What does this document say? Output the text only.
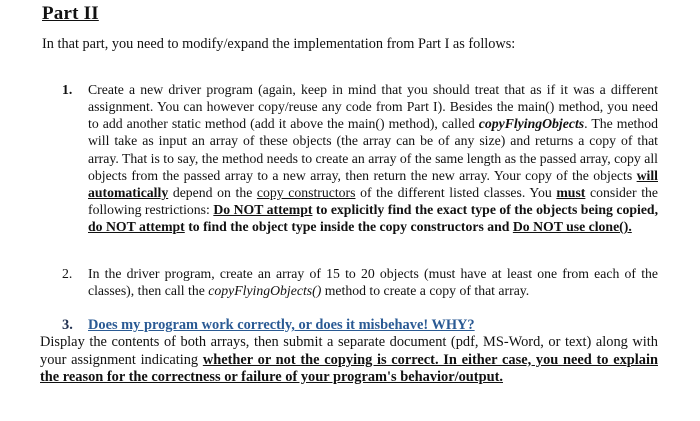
Part II
In that part, you need to modify/expand the implementation from Part I as follows:
1. Create a new driver program (again, keep in mind that you should treat that as if it was a different assignment. You can however copy/reuse any code from Part I). Besides the main() method, you need to add another static method (add it above the main() method), called copyFlyingObjects. The method will take as input an array of these objects (the array can be of any size) and returns a copy of that array. That is to say, the method needs to create an array of the same length as the passed array, copy all objects from the passed array to a new array, then return the new array. Your copy of the objects will automatically depend on the copy constructors of the different listed classes. You must consider the following restrictions: Do NOT attempt to explicitly find the exact type of the objects being copied, do NOT attempt to find the object type inside the copy constructors and Do NOT use clone().
2. In the driver program, create an array of 15 to 20 objects (must have at least one from each of the classes), then call the copyFlyingObjects() method to create a copy of that array.
3. Does my program work correctly, or does it misbehave! WHY?
Display the contents of both arrays, then submit a separate document (pdf, MS-Word, or text) along with your assignment indicating whether or not the copying is correct. In either case, you need to explain the reason for the correctness or failure of your program's behavior/output.
